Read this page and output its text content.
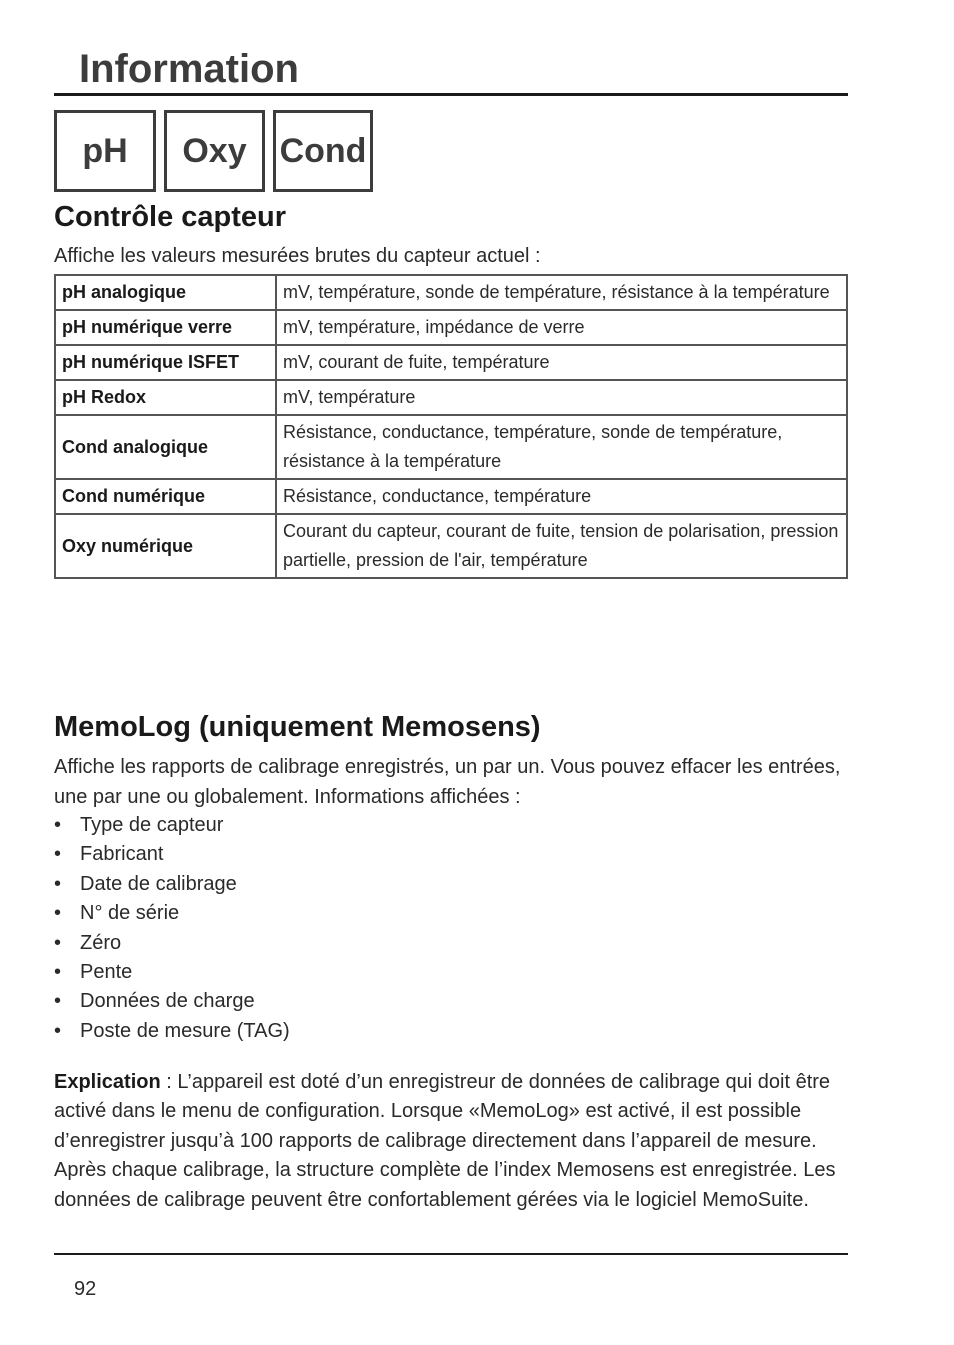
Information
pH	Oxy Cond
Contrôle capteur

Affiche les valeurs mesurées brutes du capteur actuel :

pH analogique	mV, température, sonde de température, résistance à la température
pH numérique verre	mV, température, impédance de verre
pH numérique ISFET	mV, courant de fuite, température
pH Redox	mV, température
Cond analogique	Résistance, conductance, température, sonde de température, résistance à la température
Cond numérique	Résistance, conductance, température
Oxy numérique	Courant du capteur, courant de fuite, tension de polarisation, pression partielle, pression de l'air, température
MemoLog (uniquement Memosens)

Affiche les rapports de calibrage enregistrés, un par un. Vous pouvez effacer les entrées, une par une ou globalement. Informations affichées :

• Type de capteur
• Fabricant
• Date de calibrage
• N° de série
• Zéro
• Pente
• Données de charge
• Poste de mesure (TAG)

Explication : L’appareil est doté d’un enregistreur de données de calibrage qui doit être activé dans le menu de configuration. Lorsque «MemoLog» est activé, il est possible d’enregistrer jusqu’à 100 rapports de calibrage directement dans l’appareil de mesure. Après chaque calibrage, la structure complète de l’index Memosens est enregistrée. Les données de calibrage peuvent être confortablement gérées via le logiciel MemoSuite.

92
